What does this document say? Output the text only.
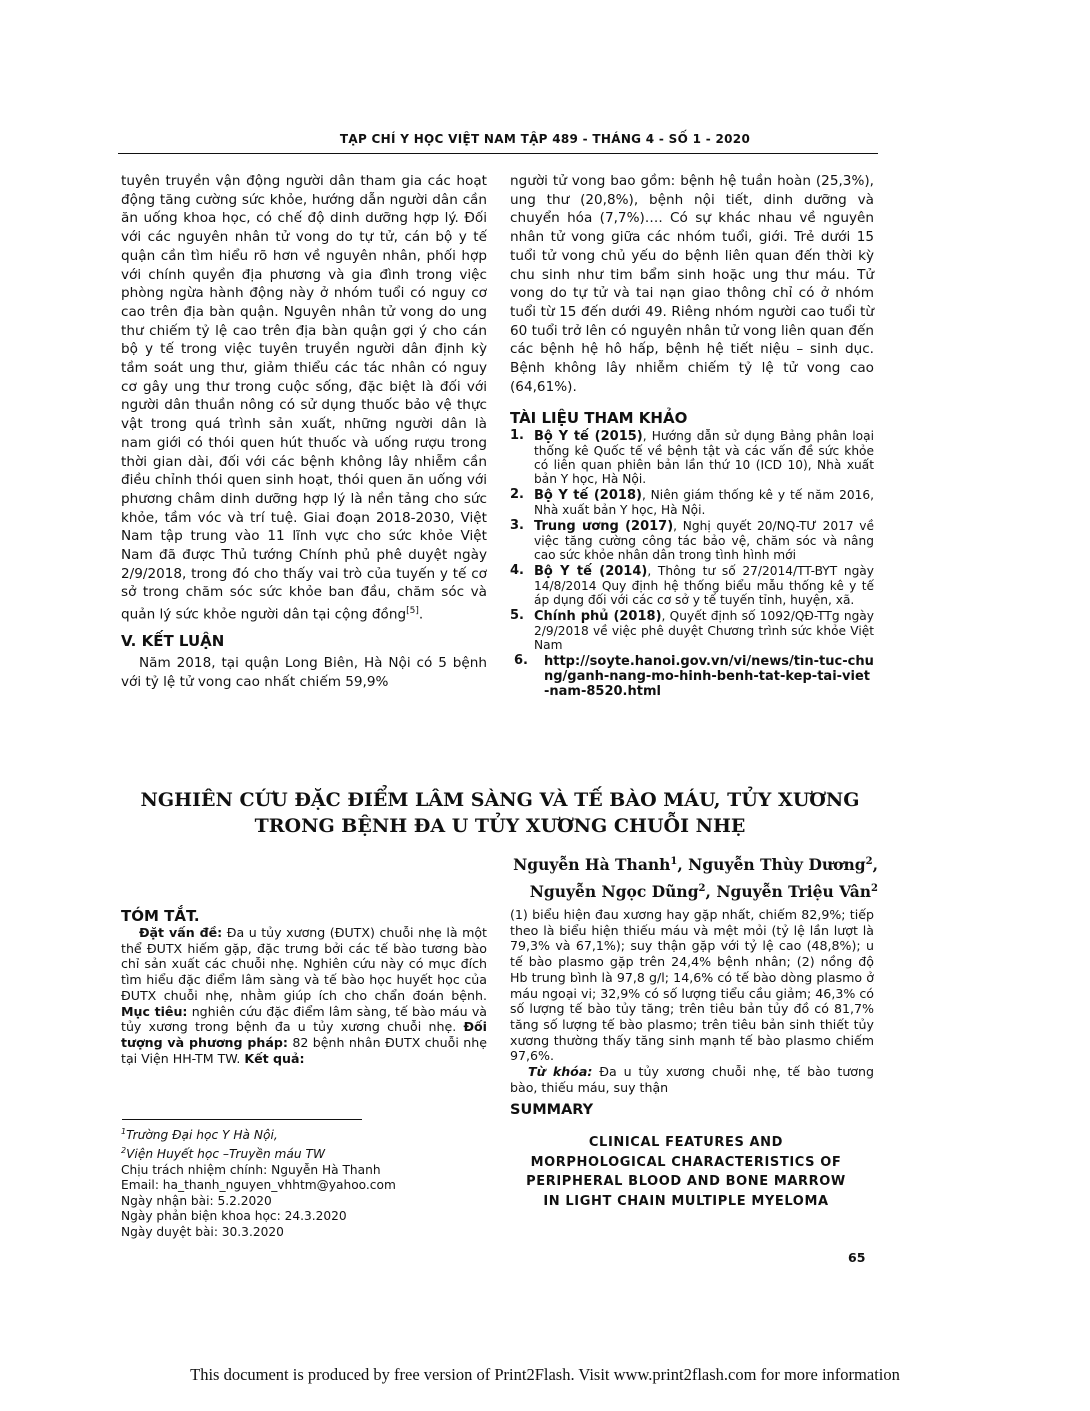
TẠP CHÍ Y HỌC VIỆT NAM TẬP 489 - THÁNG 4 - SỐ 1 - 2020

tuyên truyền vận động người dân tham gia các hoạt động tăng cường sức khỏe, hướng dẫn người dân cần ăn uống khoa học, có chế độ dinh dưỡng hợp lý. Đối với các nguyên nhân tử vong do tự tử, cán bộ y tế quận cần tìm hiểu rõ hơn về nguyên nhân, phối hợp với chính quyền địa phương và gia đình trong việc phòng ngừa hành động này ở nhóm tuổi có nguy cơ cao trên địa bàn quận. Nguyên nhân tử vong do ung thư chiếm tỷ lệ cao trên địa bàn quận gợi ý cho cán bộ y tế trong việc tuyên truyền người dân định kỳ tầm soát ung thư, giảm thiểu các tác nhân có nguy cơ gây ung thư trong cuộc sống, đặc biệt là đối với người dân thuần nông có sử dụng thuốc bảo vệ thực vật trong quá trình sản xuất, những người dân là nam giới có thói quen hút thuốc và uống rượu trong thời gian dài, đối với các bệnh không lây nhiễm cần điều chỉnh thói quen sinh hoạt, thói quen ăn uống với phương châm dinh dưỡng hợp lý là nền tảng cho sức khỏe, tầm vóc và trí tuệ. Giai đoạn 2018-2030, Việt Nam tập trung vào 11 lĩnh vực cho sức khỏe Việt Nam đã được Thủ tướng Chính phủ phê duyệt ngày 2/9/2018, trong đó cho thấy vai trò của tuyến y tế cơ sở trong chăm sóc sức khỏe ban đầu, chăm sóc và quản lý sức khỏe người dân tại cộng đồng[5].

V. KẾT LUẬN

Năm 2018, tại quận Long Biên, Hà Nội có 5 bệnh với tỷ lệ tử vong cao nhất chiếm 59,9%

người tử vong bao gồm: bệnh hệ tuần hoàn (25,3%), ung thư (20,8%), bệnh nội tiết, dinh dưỡng và chuyển hóa (7,7%)…. Có sự khác nhau về nguyên nhân tử vong giữa các nhóm tuổi, giới. Trẻ dưới 15 tuổi tử vong chủ yếu do bệnh liên quan đến thời kỳ chu sinh như tim bẩm sinh hoặc ung thư máu. Tử vong do tự tử và tai nạn giao thông chỉ có ở nhóm tuổi từ 15 đến dưới 49. Riêng nhóm người cao tuổi từ 60 tuổi trở lên có nguyên nhân tử vong liên quan đến các bệnh hệ hô hấp, bệnh hệ tiết niệu – sinh dục. Bệnh không lây nhiễm chiếm tỷ lệ tử vong cao (64,61%).

TÀI LIỆU THAM KHẢO
1. Bộ Y tế (2015), Hướng dẫn sử dụng Bảng phân loại thống kê Quốc tế về bệnh tật và các vấn đề sức khỏe có liên quan phiên bản lần thứ 10 (ICD 10), Nhà xuất bản Y học, Hà Nội.
2. Bộ Y tế (2018), Niên giám thống kê y tế năm 2016, Nhà xuất bản Y học, Hà Nội.
3. Trung ương (2017), Nghị quyết 20/NQ-TƯ 2017 về việc tăng cường công tác bảo vệ, chăm sóc và nâng cao sức khỏe nhân dân trong tình hình mới
4. Bộ Y tế (2014), Thông tư số 27/2014/TT-BYT ngày 14/8/2014 Quy định hệ thống biểu mẫu thống kê y tế áp dụng đối với các cơ sở y tế tuyến tỉnh, huyện, xã.
5. Chính phủ (2018), Quyết định số 1092/QĐ-TTg ngày 2/9/2018 về việc phê duyệt Chương trình sức khỏe Việt Nam
6.	http://soyte.hanoi.gov.vn/vi/news/tin-tuc-chung/ganh-nang-mo-hinh-benh-tat-kep-tai-viet-nam-8520.html
NGHIÊN CỨU ĐẶC ĐIỂM LÂM SÀNG VÀ TẾ BÀO MÁU, TỦY XƯƠNG
TRONG BỆNH ĐA U TỦY XƯƠNG CHUỖI NHẸ
Nguyễn Hà Thanh$^1$, Nguyễn Thùy Dương$^2$,
Nguyễn Ngọc Dũng$^2$, Nguyễn Triệu Vân$^2$
TÓM TẮT.
Đặt vấn đề: Đa u tủy xương (ĐUTX) chuỗi nhẹ là một thể ĐUTX hiếm gặp, đặc trưng bởi các tế bào tương bào chỉ sản xuất các chuỗi nhẹ. Nghiên cứu này có mục đích tìm hiểu đặc điểm lâm sàng và tế bào học huyết học của ĐUTX chuỗi nhẹ, nhằm giúp ích cho chẩn đoán bệnh. Mục tiêu: nghiên cứu đặc điểm lâm sàng, tế bào máu và tủy xương trong bệnh đa u tủy xương chuỗi nhẹ. Đối tượng và phương pháp: 82 bệnh nhân ĐUTX chuỗi nhẹ tại Viện HH-TM TW. Kết quả:

(1) biểu hiện đau xương hay gặp nhất, chiếm 82,9%; tiếp theo là biểu hiện thiếu máu và mệt mỏi (tỷ lệ lần lượt là 79,3% và 67,1%); suy thận gặp với tỷ lệ cao (48,8%); u tế bào plasmo gặp trên 24,4% bệnh nhân; (2) nồng độ Hb trung bình là 97,8 g/l; 14,6% có tế bào dòng plasmo ở máu ngoại vi; 32,9% có số lượng tiểu cầu giảm; 46,3% có số lượng tế bào tủy tăng; trên tiêu bản tủy đồ có 81,7% tăng số lượng tế bào plasmo; trên tiêu bản sinh thiết tủy xương thường thấy tăng sinh mạnh tế bào plasmo chiếm 97,6%.

Từ khóa: Đa u tủy xương chuỗi nhẹ, tế bào tương bào, thiếu máu, suy thận

SUMMARY
CLINICAL FEATURES AND
MORPHOLOGICAL CHARACTERISTICS OF
PERIPHERAL BLOOD AND BONE MARROW
IN LIGHT CHAIN MULTIPLE MYELOMA
$^1$Trường Đại học Y Hà Nội,
$^2$Viện Huyết học –Truyền máu TW
Chịu trách nhiệm chính: Nguyễn Hà Thanh
Email: ha_thanh_nguyen_vhhtm@yahoo.com
Ngày nhận bài: 5.2.2020
Ngày phản biện khoa học: 24.3.2020
Ngày duyệt bài: 30.3.2020
65
This document is produced by free version of Print2Flash. Visit www.print2flash.com for more information
